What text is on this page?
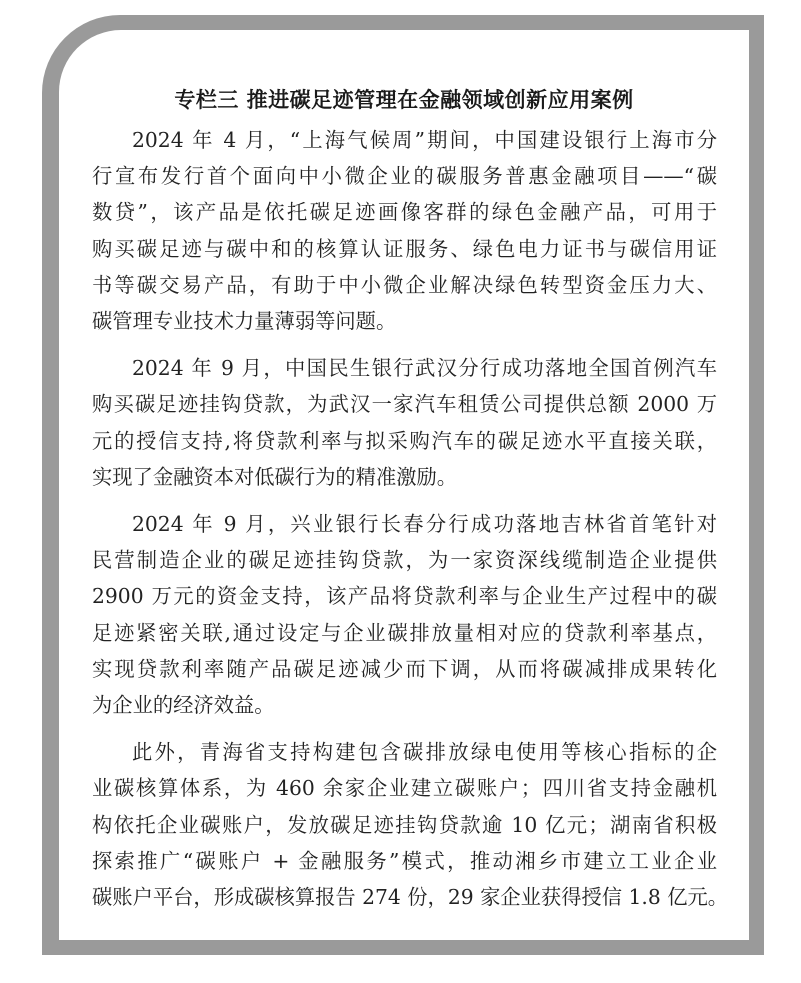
专栏三 推进碳足迹管理在金融领域创新应用案例
2024 年 4 月，“上海气候周”期间，中国建设银行上海市分
行宣布发行首个面向中小微企业的碳服务普惠金融项目——“碳
数贷”，该产品是依托碳足迹画像客群的绿色金融产品，可用于
购买碳足迹与碳中和的核算认证服务、绿色电力证书与碳信用证
书等碳交易产品，有助于中小微企业解决绿色转型资金压力大、
碳管理专业技术力量薄弱等问题。
2024 年 9 月，中国民生银行武汉分行成功落地全国首例汽车
购买碳足迹挂钩贷款，为武汉一家汽车租赁公司提供总额 2000 万
元的授信支持,将贷款利率与拟采购汽车的碳足迹水平直接关联，
实现了金融资本对低碳行为的精准激励。
2024 年 9 月，兴业银行长春分行成功落地吉林省首笔针对
民营制造企业的碳足迹挂钩贷款，为一家资深线缆制造企业提供
2900 万元的资金支持，该产品将贷款利率与企业生产过程中的碳
足迹紧密关联,通过设定与企业碳排放量相对应的贷款利率基点，
实现贷款利率随产品碳足迹减少而下调，从而将碳减排成果转化
为企业的经济效益。
此外，青海省支持构建包含碳排放绿电使用等核心指标的企
业碳核算体系，为 460 余家企业建立碳账户；四川省支持金融机
构依托企业碳账户，发放碳足迹挂钩贷款逾 10 亿元；湖南省积极
探索推广“碳账户 + 金融服务”模式，推动湘乡市建立工业企业
碳账户平台，形成碳核算报告 274 份，29 家企业获得授信 1.8 亿元。
